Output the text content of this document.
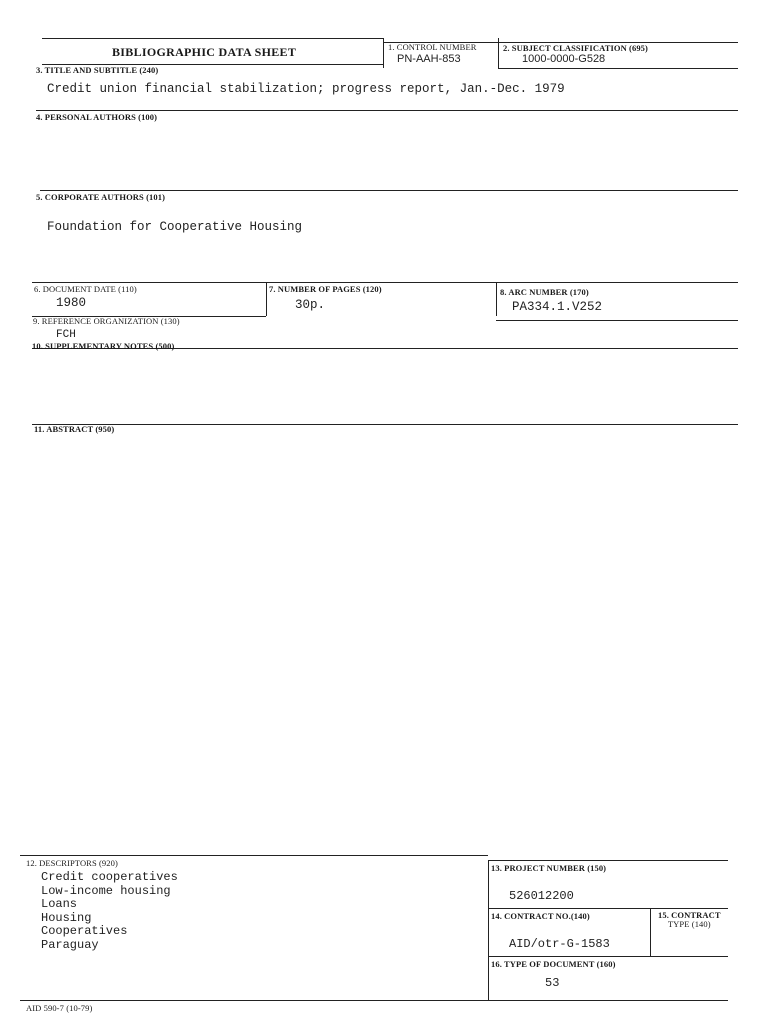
BIBLIOGRAPHIC DATA SHEET	1. CONTROL NUMBER
PN-AAH-853
2. SUBJECT CLASSIFICATION (695)
1000-0000-G528
3. TITLE AND SUBTITLE (240)
Credit union financial stabilization; progress report, Jan.-Dec. 1979
4. PERSONAL AUTHORS (100)
5. CORPORATE AUTHORS (101)
Foundation for Cooperative Housing
6. DOCUMENT DATE (110)
1980
7. NUMBER OF PAGES (120)
30p.
8. ARC NUMBER (170)
PA334.1.V252
9. REFERENCE ORGANIZATION (130)
FCH
10. SUPPLEMENTARY NOTES (500)
11. ABSTRACT (950)
12. DESCRIPTORS (920)
Credit cooperatives
Low-income housing
Loans
Housing
Cooperatives
Paraguay
13. PROJECT NUMBER (150)
526012200
14. CONTRACT NO.(140)
AID/otr-G-1583
15. CONTRACT
TYPE (140)
16. TYPE OF DOCUMENT (160)
53
AID 590-7 (10-79)
